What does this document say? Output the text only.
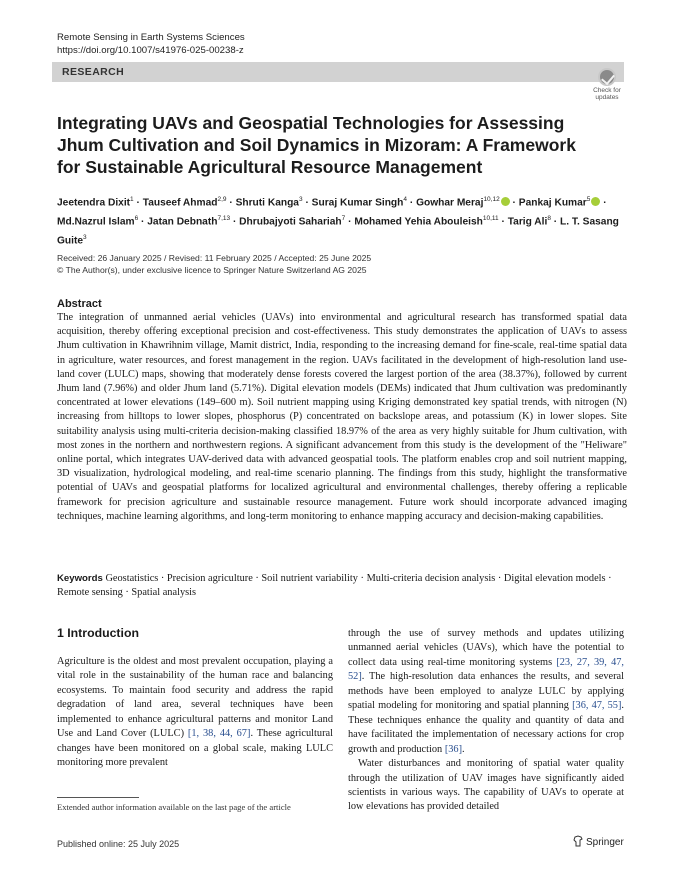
Remote Sensing in Earth Systems Sciences
https://doi.org/10.1007/s41976-025-00238-z
RESEARCH
Check for updates
Integrating UAVs and Geospatial Technologies for Assessing Jhum Cultivation and Soil Dynamics in Mizoram: A Framework for Sustainable Agricultural Resource Management
Jeetendra Dixit$^1$ · Tauseef Ahmad$^{2,9}$ · Shruti Kanga$^3$ · Suraj Kumar Singh$^4$ · Gowhar Meraj$^{10,12}$ · Pankaj Kumar$^5$ · Md.Nazrul Islam$^6$ · Jatan Debnath$^{7,13}$ · Dhrubajyoti Sahariah$^7$ · Mohamed Yehia Abouleish$^{10,11}$ · Tarig Ali$^8$ · L. T. Sasang Guite$^3$
Received: 26 January 2025 / Revised: 11 February 2025 / Accepted: 25 June 2025
© The Author(s), under exclusive licence to Springer Nature Switzerland AG 2025
Abstract

The integration of unmanned aerial vehicles (UAVs) into environmental and agricultural research has transformed spatial data acquisition, thereby offering exceptional precision and cost-effectiveness. This study demonstrates the application of UAVs to assess Jhum cultivation in Khawrihnim village, Mamit district, India, responding to the increasing demand for fine-scale, real-time spatial data in agriculture, water resources, and forest management in the region. UAVs facilitated in the development of high-resolution land use-land cover (LULC) maps, showing that moderately dense forests covered the largest portion of the area (38.37%), followed by current Jhum land (7.96%) and older Jhum land (5.71%). Digital elevation models (DEMs) indicated that Jhum cultivation was predominantly concentrated at lower elevations (149–600 m). Soil nutrient mapping using Kriging demonstrated key spatial trends, with nitrogen (N) increasing from hilltops to lower slopes, phosphorus (P) concentrated on backslope areas, and potassium (K) in lower slopes. Site suitability analysis using multi-criteria decision-making classified 18.97% of the area as very highly suitable for Jhum cultivation, with most zones in the northern and northwestern regions. A significant advancement from this study is the development of the "Heliware" online portal, which integrates UAV-derived data with advanced geospatial tools. The platform enables crop and soil nutrient mapping, 3D visualization, hydrological modeling, and real-time scenario planning. The findings from this study, highlight the transformative potential of UAVs and geospatial platforms for localized agricultural and environmental challenges, thereby offering a replicable framework for precision agriculture and sustainable resource management. Future work should incorporate advanced imaging techniques, machine learning algorithms, and long-term monitoring to enhance mapping accuracy and decision-making capabilities.

Keywords Geostatistics · Precision agriculture · Soil nutrient variability · Multi-criteria decision analysis · Digital elevation models · Remote sensing · Spatial analysis

1 Introduction

Agriculture is the oldest and most prevalent occupation, playing a vital role in the sustainability of the human race and balancing ecosystems. To maintain food security and address the rapid degradation of land area, several techniques have been implemented to enhance agricultural patterns and monitor Land Use and Land Cover (LULC) [1, 38, 44, 67]. These agricultural changes have been monitored on a global scale, making LULC monitoring more prevalent

through the use of survey methods and updates utilizing unmanned aerial vehicles (UAVs), which have the potential to collect data using real-time monitoring systems [23, 27, 39, 47, 52]. The high-resolution data enhances the results, and several methods have been employed to analyze LULC by applying spatial modeling for monitoring and spatial planning [36, 47, 55]. These techniques enhance the quality and quantity of data and have facilitated the implementation of necessary actions for crop growth and production [36].

Water disturbances and monitoring of spatial water quality through the utilization of UAV images have significantly aided scientists in various ways. The capability of UAVs to operate at low elevations has provided detailed

Extended author information available on the last page of the article
Published online: 25 July 2025	Springer
